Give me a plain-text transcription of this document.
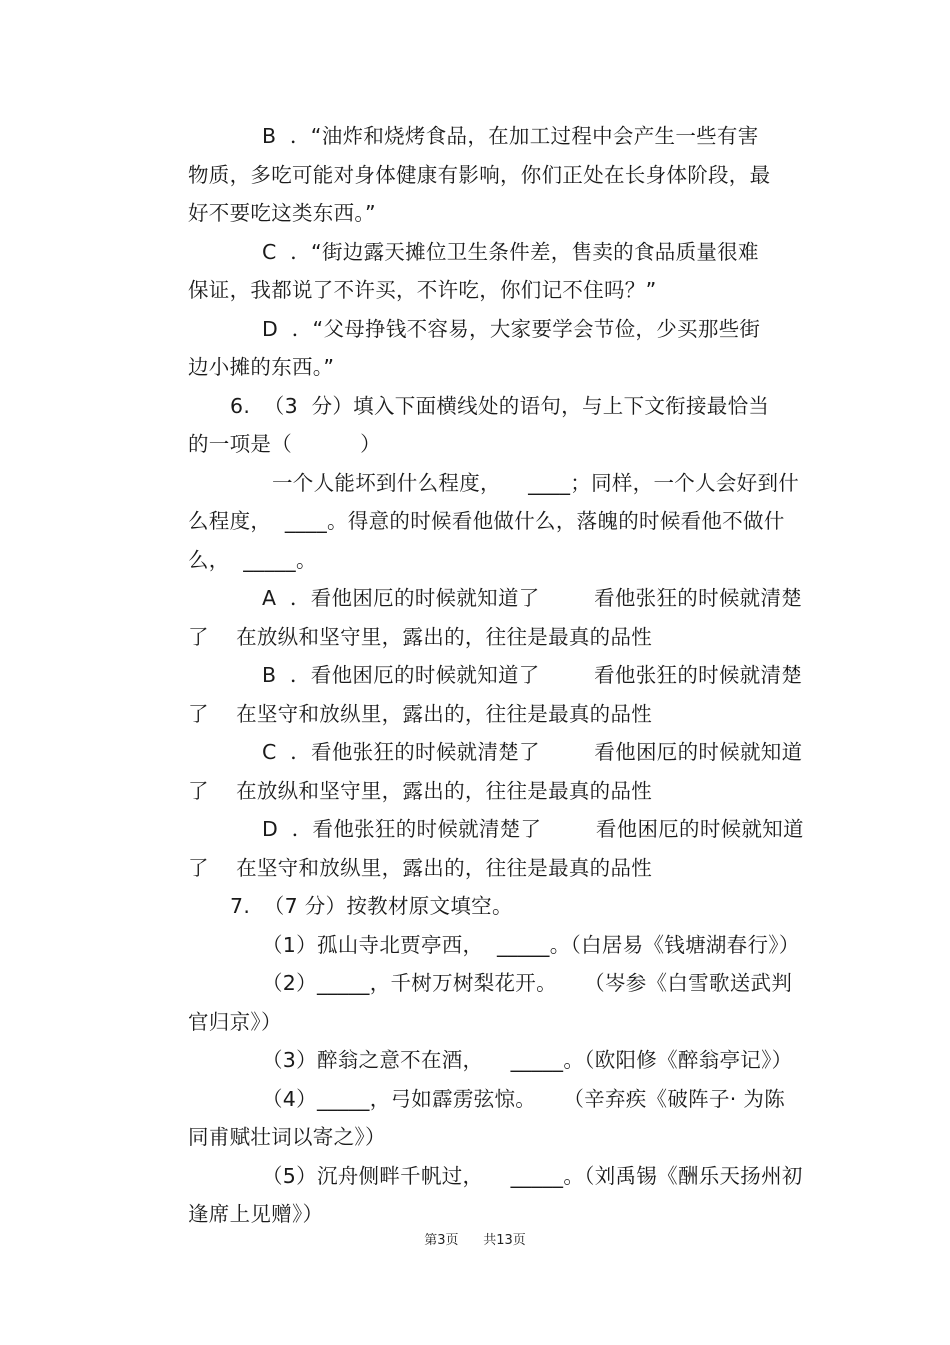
B  ．“油炸和烧烤食品，在加工过程中会产生一些有害
物质，多吃可能对身体健康有影响，你们正处在长身体阶段，最
好不要吃这类东西。”
C  ．“街边露天摊位卫生条件差，售卖的食品质量很难
保证，我都说了不许买，不许吃，你们记不住吗？”
D  ．“父母挣钱不容易，大家要学会节俭，少买那些街
边小摊的东西。”
6.  （3  分）填入下面横线处的语句，与上下文衔接最恰当
的一项是（          ）
一个人能坏到什么程度，    ____；同样，一个人会好到什
么程度，  ____。得意的时候看他做什么，落魄的时候看他不做什
么，  _____。
A  ．看他困厄的时候就知道了        看他张狂的时候就清楚
了    在放纵和坚守里，露出的，往往是最真的品性
B  ．看他困厄的时候就知道了        看他张狂的时候就清楚
了    在坚守和放纵里，露出的，往往是最真的品性
C  ．看他张狂的时候就清楚了        看他困厄的时候就知道
了    在放纵和坚守里，露出的，往往是最真的品性
D  ．看他张狂的时候就清楚了        看他困厄的时候就知道
了    在坚守和放纵里，露出的，往往是最真的品性
7.  （7 分）按教材原文填空。
（1）孤山寺北贾亭西，  _____。（白居易《钱塘湖春行》）
（2）_____，千树万树梨花开。    （岑参《白雪歌送武判
官归京》）
（3）醉翁之意不在酒，    _____。（欧阳修《醉翁亭记》）
（4）_____，弓如霹雳弦惊。    （辛弃疾《破阵子· 为陈
同甫赋壮词以寄之》）
（5）沉舟侧畔千帆过，    _____。（刘禹锡《酬乐天扬州初
逢席上见赠》）
第3页 共13页
